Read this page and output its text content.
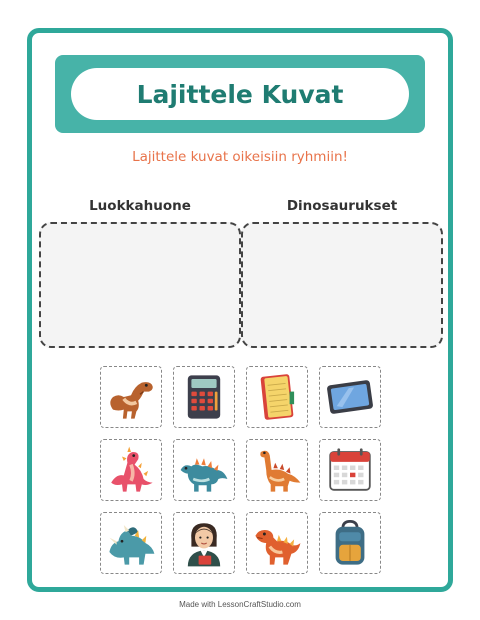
Lajittele Kuvat
Lajittele kuvat oikeisiin ryhmiin!
Luokkahuone	Dinosaurukset
Made with LessonCraftStudio.com
